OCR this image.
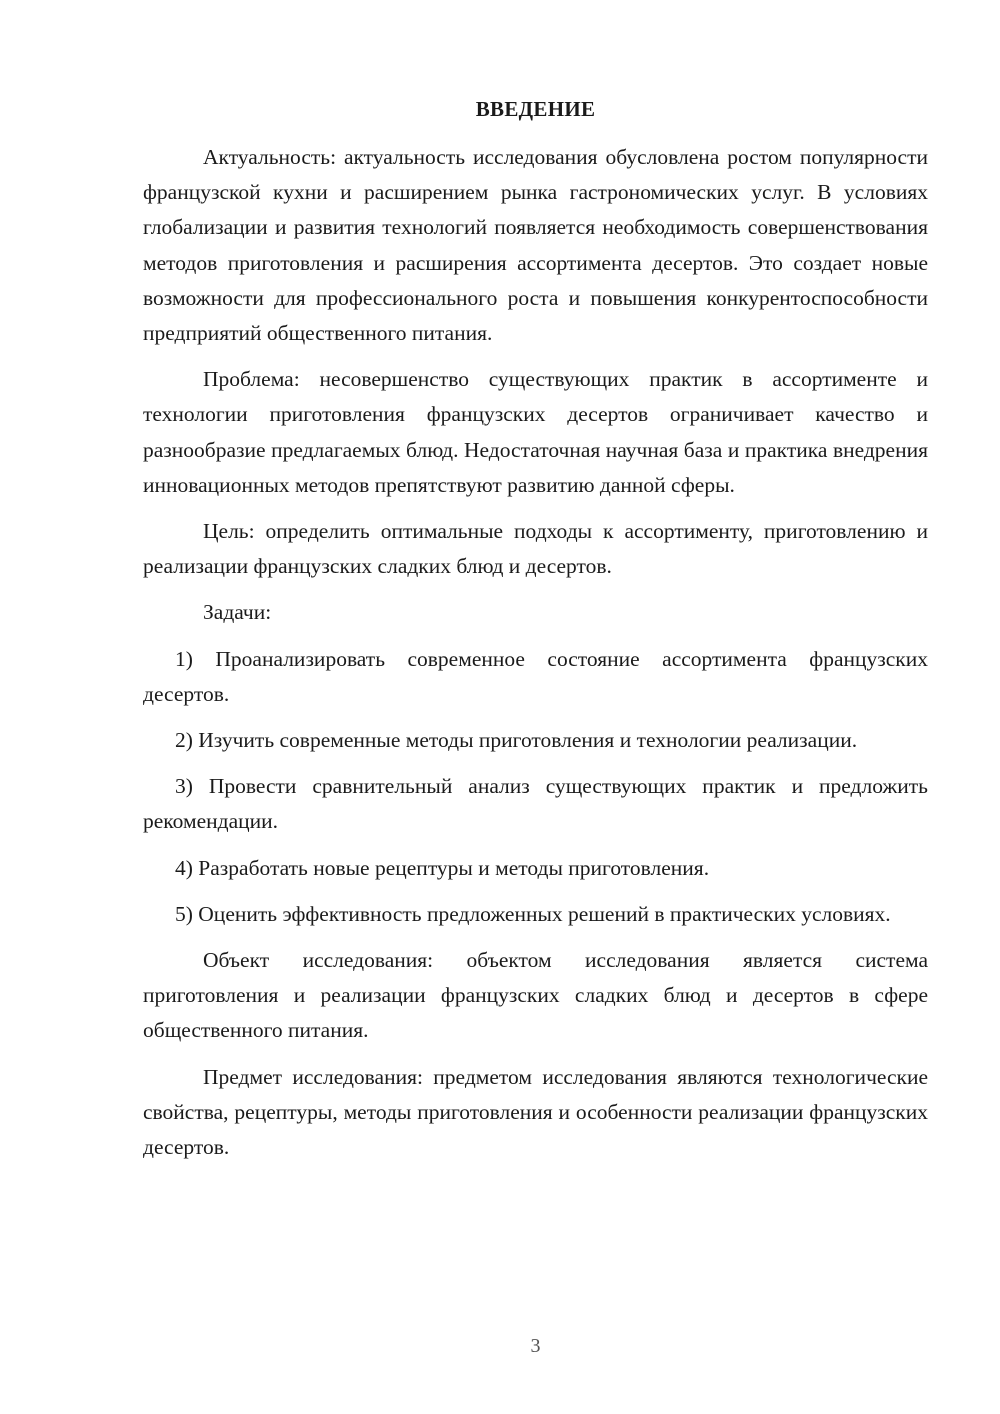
ВВЕДЕНИЕ

Актуальность: актуальность исследования обусловлена ростом популярности французской кухни и расширением рынка гастрономических услуг. В условиях глобализации и развития технологий появляется необходимость совершенствования методов приготовления и расширения ассортимента десертов. Это создает новые возможности для профессионального роста и повышения конкурентоспособности предприятий общественного питания.

Проблема: несовершенство существующих практик в ассортименте и технологии приготовления французских десертов ограничивает качество и разнообразие предлагаемых блюд. Недостаточная научная база и практика внедрения инновационных методов препятствуют развитию данной сферы.

Цель: определить оптимальные подходы к ассортименту, приготовлению и реализации французских сладких блюд и десертов.

Задачи:

1) Проанализировать современное состояние ассортимента французских десертов.

2) Изучить современные методы приготовления и технологии реализации.

3) Провести сравнительный анализ существующих практик и предложить рекомендации.

4) Разработать новые рецептуры и методы приготовления.

5) Оценить эффективность предложенных решений в практических условиях.

Объект исследования: объектом исследования является система приготовления и реализации французских сладких блюд и десертов в сфере общественного питания.

Предмет исследования: предметом исследования являются технологические свойства, рецептуры, методы приготовления и особенности реализации французских десертов.

3
